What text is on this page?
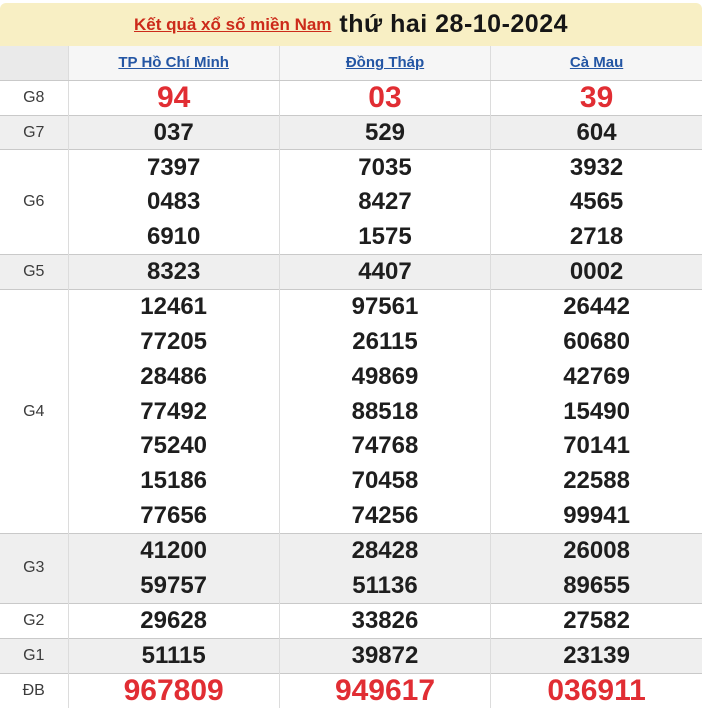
Kết quả xổ số miền Nam thứ hai 28-10-2024
	TP Hồ Chí Minh	Đồng Tháp	Cà Mau
G8	94	03	39
G7	037	529	604
G6	7397	7035	3932
	0483	8427	4565
	6910	1575	2718
G5	8323	4407	0002
G4	12461	97561	26442
	77205	26115	60680
	28486	49869	42769
	77492	88518	15490
	75240	74768	70141
	15186	70458	22588
	77656	74256	99941
G3	41200	28428	26008
	59757	51136	89655
G2	29628	33826	27582
G1	51115	39872	23139
ĐB	967809	949617	036911
